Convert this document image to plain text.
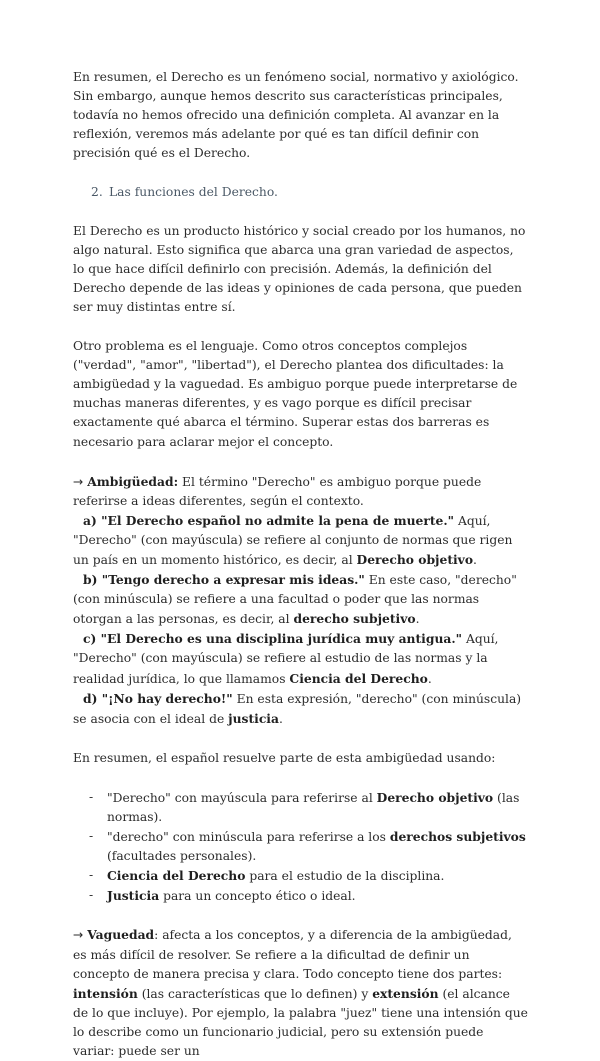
En resumen, el Derecho es un fenómeno social, normativo y axiológico. Sin embargo, aunque hemos descrito sus características principales, todavía no hemos ofrecido una definición completa. Al avanzar en la reflexión, veremos más adelante por qué es tan difícil definir con precisión qué es el Derecho.

2. Las funciones del Derecho.

El Derecho es un producto histórico y social creado por los humanos, no algo natural. Esto significa que abarca una gran variedad de aspectos, lo que hace difícil definirlo con precisión. Además, la definición del Derecho depende de las ideas y opiniones de cada persona, que pueden ser muy distintas entre sí.

Otro problema es el lenguaje. Como otros conceptos complejos ("verdad", "amor", "libertad"), el Derecho plantea dos dificultades: la ambigüedad y la vaguedad. Es ambiguo porque puede interpretarse de muchas maneras diferentes, y es vago porque es difícil precisar exactamente qué abarca el término. Superar estas dos barreras es necesario para aclarar mejor el concepto.

→ Ambigüedad: El término "Derecho" es ambiguo porque puede referirse a ideas diferentes, según el contexto.

a) "El Derecho español no admite la pena de muerte." Aquí, "Derecho" (con mayúscula) se refiere al conjunto de normas que rigen un país en un momento histórico, es decir, al Derecho objetivo.

b) "Tengo derecho a expresar mis ideas." En este caso, "derecho" (con minúscula) se refiere a una facultad o poder que las normas otorgan a las personas, es decir, al derecho subjetivo.

c) "El Derecho es una disciplina jurídica muy antigua." Aquí, "Derecho" (con mayúscula) se refiere al estudio de las normas y la realidad jurídica, lo que llamamos Ciencia del Derecho.

d) "¡No hay derecho!" En esta expresión, "derecho" (con minúscula) se asocia con el ideal de justicia.

En resumen, el español resuelve parte de esta ambigüedad usando:

- "Derecho" con mayúscula para referirse al Derecho objetivo (las normas).
- "derecho" con minúscula para referirse a los derechos subjetivos (facultades personales).
- Ciencia del Derecho para el estudio de la disciplina.
- Justicia para un concepto ético o ideal.

→ Vaguedad: afecta a los conceptos, y a diferencia de la ambigüedad, es más difícil de resolver. Se refiere a la dificultad de definir un concepto de manera precisa y clara. Todo concepto tiene dos partes: intensión (las características que lo definen) y extensión (el alcance de lo que incluye). Por ejemplo, la palabra "juez" tiene una intensión que lo describe como un funcionario judicial, pero su extensión puede variar: puede ser un
